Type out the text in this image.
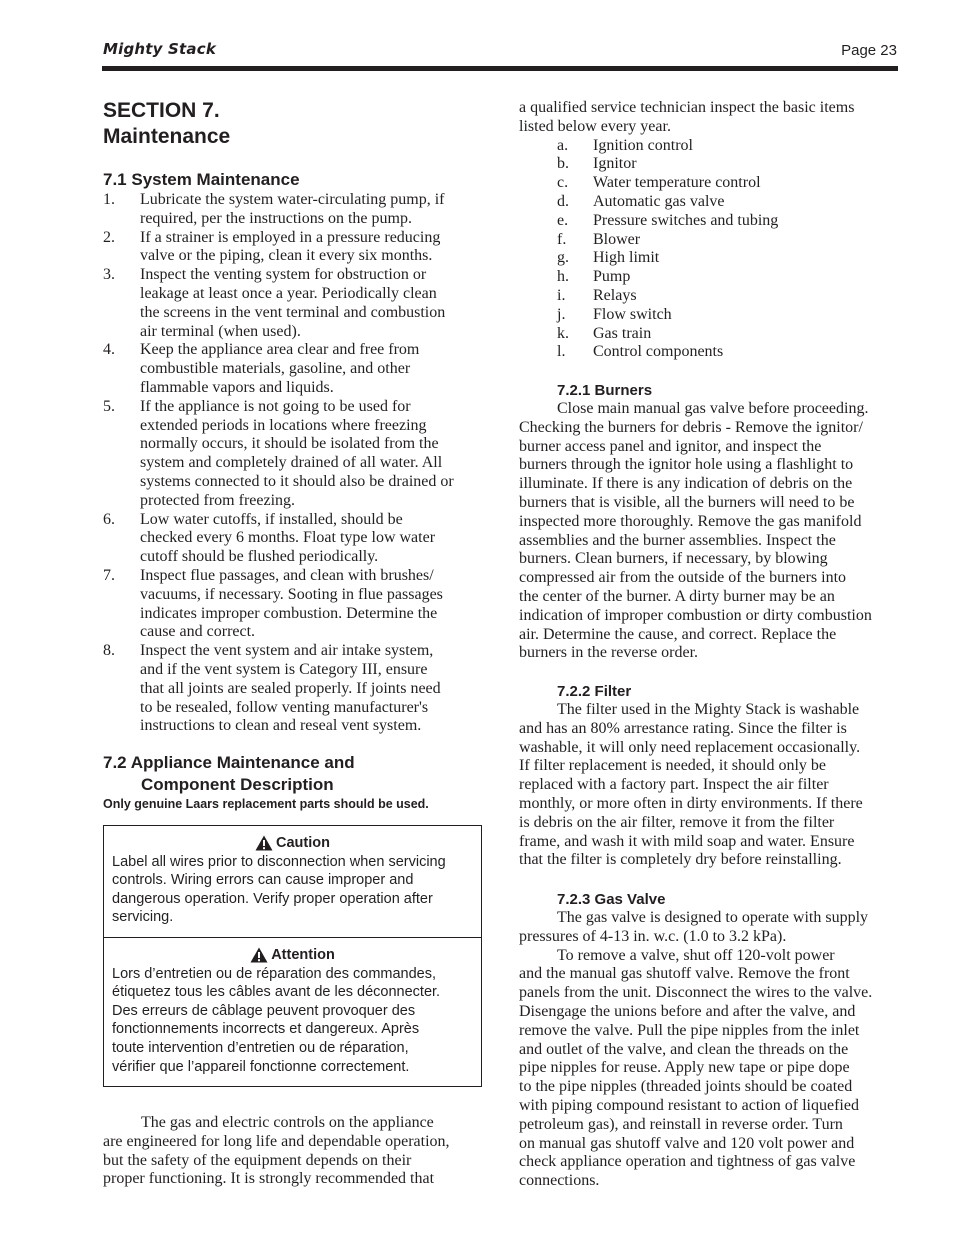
Mighty Stack	Page 23
SECTION 7.
Maintenance
7.1 System Maintenance
1.	Lubricate the system water-circulating pump, if
required, per the instructions on the pump.
2.	If a strainer is employed in a pressure reducing
valve or the piping, clean it every six months.
3.	Inspect the venting system for obstruction or
leakage at least once a year. Periodically clean
the screens in the vent terminal and combustion
air terminal (when used).
4.	Keep the appliance area clear and free from
combustible materials, gasoline, and other
flammable vapors and liquids.
5.	If the appliance is not going to be used for
extended periods in locations where freezing
normally occurs, it should be isolated from the
system and completely drained of all water. All
systems connected to it should also be drained or
protected from freezing.
6.	Low water cutoffs, if installed, should be
checked every 6 months. Float type low water
cutoff should be flushed periodically.
7.	Inspect flue passages, and clean with brushes/
vacuums, if necessary. Sooting in flue passages
indicates improper combustion. Determine the
cause and correct.
8.	Inspect the vent system and air intake system,
and if the vent system is Category III, ensure
that all joints are sealed properly. If joints need
to be resealed, follow venting manufacturer's
instructions to clean and reseal vent system.
7.2 Appliance Maintenance and
Component Description
Only genuine Laars replacement parts should be used.
Caution
Label all wires prior to disconnection when servicing
controls. Wiring errors can cause improper and
dangerous operation. Verify proper operation after
servicing.
Attention
Lors d’entretien ou de réparation des commandes,
étiquetez tous les câbles avant de les déconnecter.
Des erreurs de câblage peuvent provoquer des
fonctionnements incorrects et dangereux. Après
toute intervention d’entretien ou de réparation,
vérifier que l’appareil fonctionne correctement.
The gas and electric controls on the appliance
are engineered for long life and dependable operation,
but the safety of the equipment depends on their
proper functioning. It is strongly recommended that
a qualified service technician inspect the basic items
listed below every year.
a.	Ignition control
b.	Ignitor
c.	Water temperature control
d.	Automatic gas valve
e.	Pressure switches and tubing
f.	Blower
g.	High limit
h.	Pump
i.	Relays
j.	Flow switch
k.	Gas train
l.	Control components
7.2.1 Burners
Close main manual gas valve before proceeding.
Checking the burners for debris - Remove the ignitor/
burner access panel and ignitor, and inspect the
burners through the ignitor hole using a flashlight to
illuminate. If there is any indication of debris on the
burners that is visible, all the burners will need to be
inspected more thoroughly. Remove the gas manifold
assemblies and the burner assemblies. Inspect the
burners. Clean burners, if necessary, by blowing
compressed air from the outside of the burners into
the center of the burner. A dirty burner may be an
indication of improper combustion or dirty combustion
air. Determine the cause, and correct. Replace the
burners in the reverse order.
7.2.2 Filter
The filter used in the Mighty Stack is washable
and has an 80% arrestance rating. Since the filter is
washable, it will only need replacement occasionally.
If filter replacement is needed, it should only be
replaced with a factory part. Inspect the air filter
monthly, or more often in dirty environments. If there
is debris on the air filter, remove it from the filter
frame, and wash it with mild soap and water. Ensure
that the filter is completely dry before reinstalling.
7.2.3 Gas Valve
The gas valve is designed to operate with supply
pressures of 4-13 in. w.c. (1.0 to 3.2 kPa).
To remove a valve, shut off 120-volt power
and the manual gas shutoff valve. Remove the front
panels from the unit. Disconnect the wires to the valve.
Disengage the unions before and after the valve, and
remove the valve. Pull the pipe nipples from the inlet
and outlet of the valve, and clean the threads on the
pipe nipples for reuse. Apply new tape or pipe dope
to the pipe nipples (threaded joints should be coated
with piping compound resistant to action of liquefied
petroleum gas), and reinstall in reverse order. Turn
on manual gas shutoff valve and 120 volt power and
check appliance operation and tightness of gas valve
connections.
